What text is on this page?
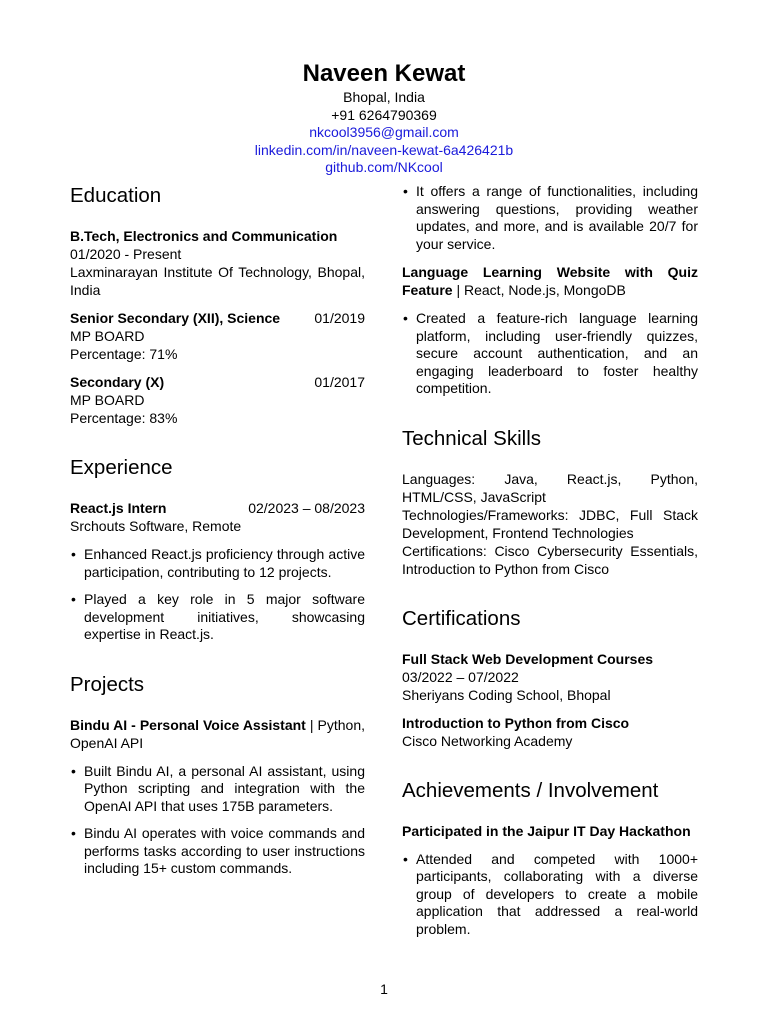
Naveen Kewat
Bhopal, India
+91 6264790369
nkcool3956@gmail.com
linkedin.com/in/naveen-kewat-6a426421b
github.com/NKcool
Education
B.Tech, Electronics and Communication
01/2020 - Present
Laxminarayan Institute Of Technology, Bhopal, India
Senior Secondary (XII), Science 01/2019
MP BOARD
Percentage: 71%
Secondary (X)	01/2017
MP BOARD
Percentage: 83%
Experience
React.js Intern	02/2023 – 08/2023
Srchouts Software, Remote
• Enhanced React.js proficiency through active participation, contributing to 12 projects.
• Played a key role in 5 major software development initiatives, showcasing expertise in React.js.
Projects
Bindu AI - Personal Voice Assistant | Python, OpenAI API
• Built Bindu AI, a personal AI assistant, using Python scripting and integration with the OpenAI API that uses 175B parameters.
• Bindu AI operates with voice commands and performs tasks according to user instructions including 15+ custom commands.
• It offers a range of functionalities, including answering questions, providing weather updates, and more, and is available 20/7 for your service.
Language Learning Website with Quiz Feature | React, Node.js, MongoDB
• Created a feature-rich language learning platform, including user-friendly quizzes, secure account authentication, and an engaging leaderboard to foster healthy competition.
Technical Skills
Languages: Java, React.js, Python, HTML/CSS, JavaScript
Technologies/Frameworks: JDBC, Full Stack Development, Frontend Technologies
Certifications: Cisco Cybersecurity Essentials, Introduction to Python from Cisco
Certifications
Full Stack Web Development Courses
03/2022 – 07/2022
Sheriyans Coding School, Bhopal
Introduction to Python from Cisco
Cisco Networking Academy
Achievements / Involvement
Participated in the Jaipur IT Day Hackathon
• Attended and competed with 1000+ participants, collaborating with a diverse group of developers to create a mobile application that addressed a real-world problem.
1
